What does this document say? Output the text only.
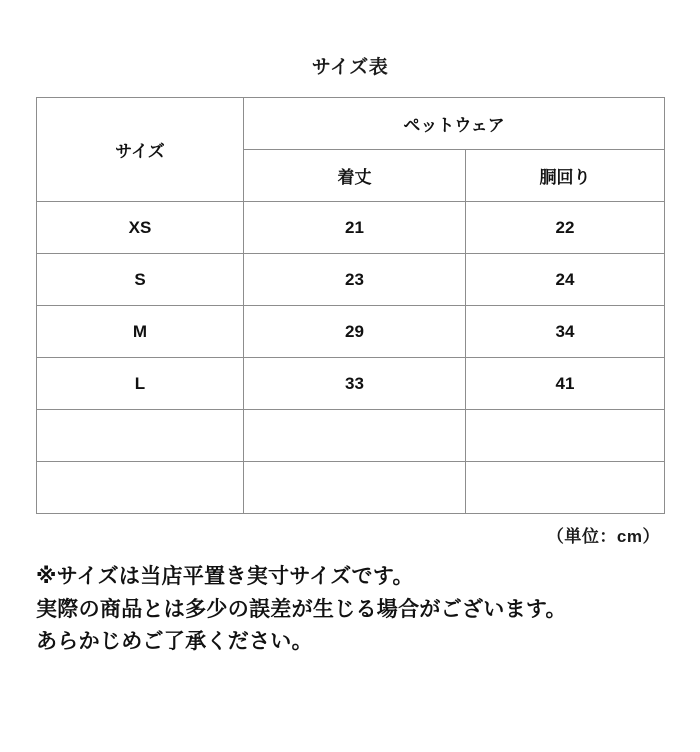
サイズ表
サイズ	ペットウェア	
	着丈	胴回り
XS	21	22
S	23	24
M	29	34
L	33	41

（単位：cm）
※サイズは当店平置き実寸サイズです。
実際の商品とは多少の誤差が生じる場合がございます。
あらかじめご了承ください。
